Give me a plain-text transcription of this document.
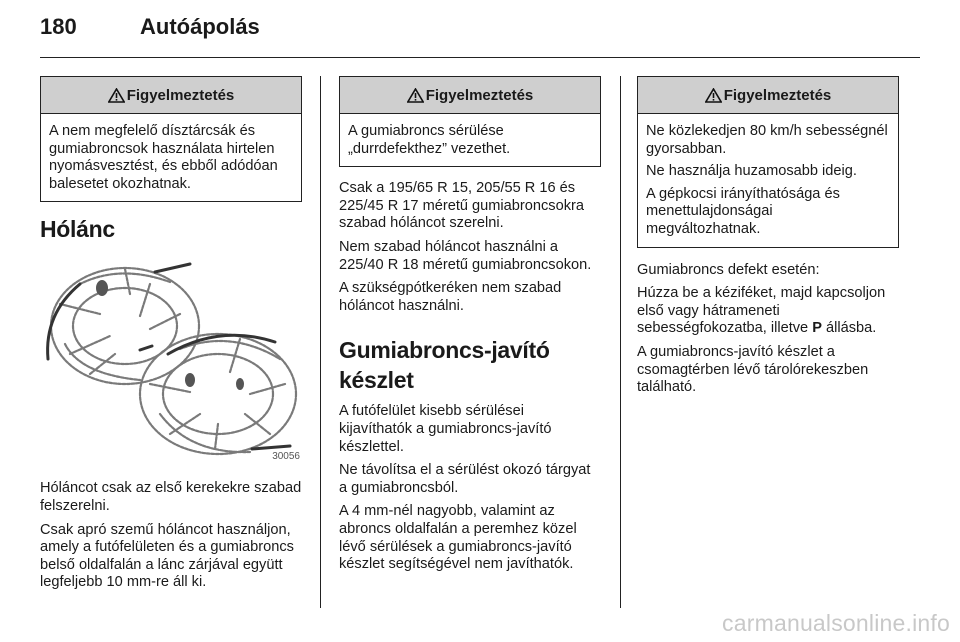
180	Autóápolás
Figyelmeztetés

A nem megfelelő dísztárcsák és gumiabroncsok használata hirtelen nyomásvesztést, és ebből adódóan balesetet okozhatnak.

Hólánc
30056

Hóláncot csak az első kerekekre szabad felszerelni.

Csak apró szemű hóláncot használjon, amely a futófelületen és a gumiabroncs belső oldalfalán a lánc zárjával együtt legfeljebb 10 mm-re áll ki.

Figyelmeztetés

A gumiabroncs sérülése „durrdefekthez” vezethet.

Csak a 195/65 R 15, 205/55 R 16 és 225/45 R 17 méretű gumiabroncsokra szabad hóláncot szerelni.

Nem szabad hóláncot használni a 225/40 R 18 méretű gumiabroncsokon.

A szükségpótkeréken nem szabad hóláncot használni.

Gumiabroncs-javító készlet

A futófelület kisebb sérülései kijavíthatók a gumiabroncs-javító készlettel.

Ne távolítsa el a sérülést okozó tárgyat a gumiabroncsból.

A 4 mm-nél nagyobb, valamint az abroncs oldalfalán a peremhez közel lévő sérülések a gumiabroncs-javító készlet segítségével nem javíthatók.

Figyelmeztetés

Ne közlekedjen 80 km/h sebességnél gyorsabban.

Ne használja huzamosabb ideig.

A gépkocsi irányíthatósága és menettulajdonságai megváltozhatnak.

Gumiabroncs defekt esetén:

Húzza be a kéziféket, majd kapcsoljon első vagy hátrameneti sebességfokozatba, illetve P állásba.

A gumiabroncs-javító készlet a csomagtérben lévő tárolórekeszben található.

carmanualsonline.info
